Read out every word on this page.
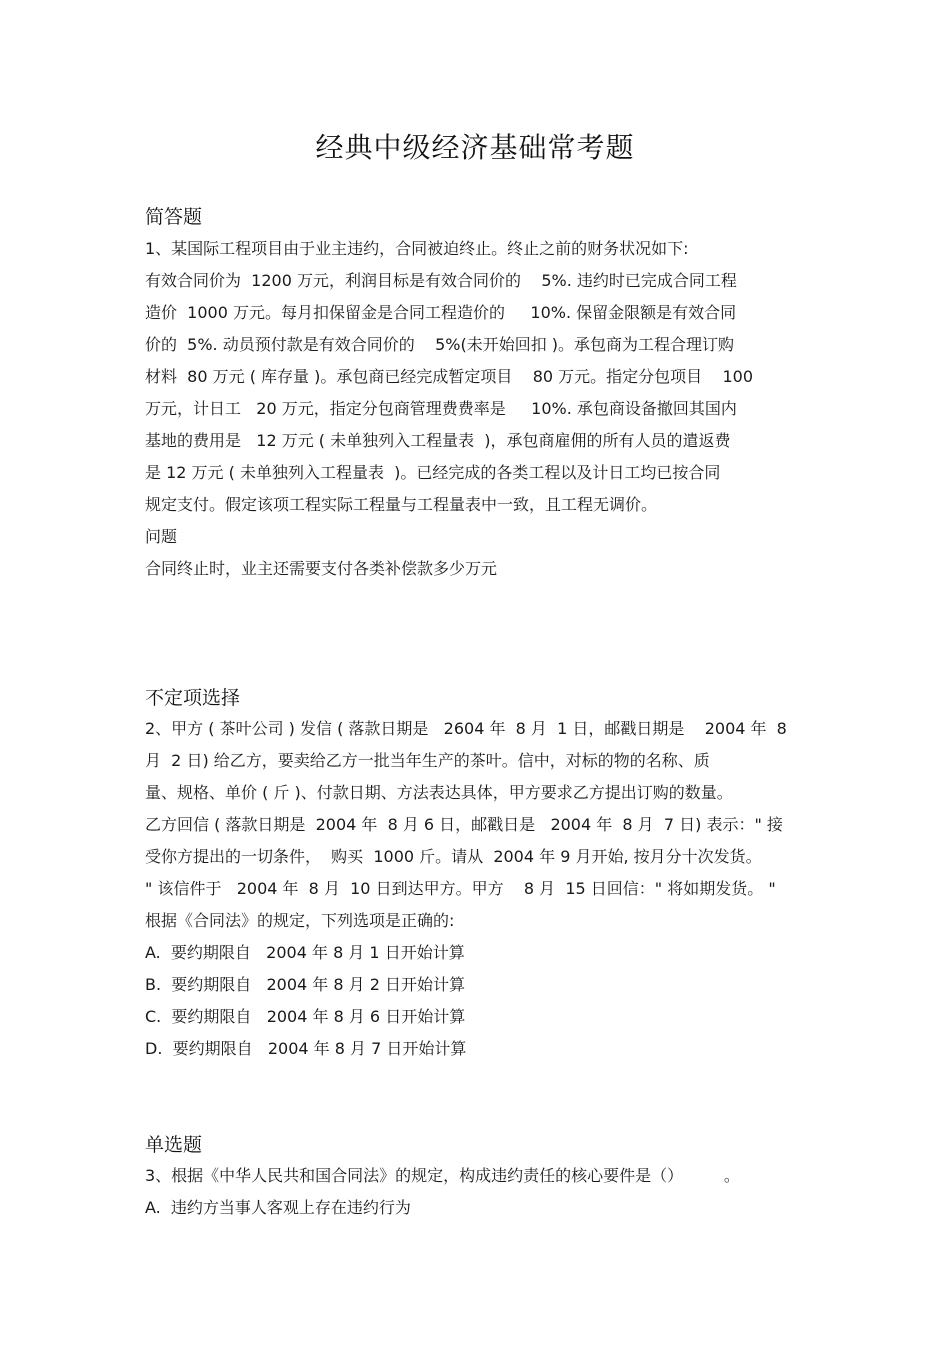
经典中级经济基础常考题
简答题
1、某国际工程项目由于业主违约，合同被迫终止。终止之前的财务状况如下:
有效合同价为  1200 万元，利润目标是有效合同价的    5%. 违约时已完成合同工程
造价  1000 万元。每月扣保留金是合同工程造价的     10%. 保留金限额是有效合同
价的  5%. 动员预付款是有效合同价的    5%(未开始回扣 )。承包商为工程合理订购
材料  80 万元 ( 库存量 )。承包商已经完成暂定项目    80 万元。指定分包项目    100
万元，计日工   20 万元，指定分包商管理费费率是     10%. 承包商设备撤回其国内
基地的费用是   12 万元 ( 未单独列入工程量表  )，承包商雇佣的所有人员的遣返费
是 12 万元 ( 未单独列入工程量表  )。已经完成的各类工程以及计日工均已按合同
规定支付。假定该项工程实际工程量与工程量表中一致，且工程无调价。
问题
合同终止时，业主还需要支付各类补偿款多少万元
不定项选择
2、甲方 ( 茶叶公司 ) 发信 ( 落款日期是   2604 年  8 月  1 日，邮戳日期是    2004 年  8
月  2 日) 给乙方，要卖给乙方一批当年生产的茶叶。信中，对标的物的名称、质
量、规格、单价 ( 斤 )、付款日期、方法表达具体，甲方要求乙方提出订购的数量。
乙方回信 ( 落款日期是  2004 年  8 月 6 日，邮戳日是   2004 年  8 月  7 日) 表示：" 接
受你方提出的一切条件，  购买  1000 斤。请从  2004 年 9 月开始, 按月分十次发货。
" 该信件于   2004 年  8 月  10 日到达甲方。甲方    8 月  15 日回信：" 将如期发货。 "
根据《合同法》的规定，下列选项是正确的:
A.  要约期限自   2004 年 8 月 1 日开始计算
B.  要约期限自   2004 年 8 月 2 日开始计算
C.  要约期限自   2004 年 8 月 6 日开始计算
D.  要约期限自   2004 年 8 月 7 日开始计算
单选题
3、根据《中华人民共和国合同法》的规定，构成违约责任的核心要件是（）        。
A.  违约方当事人客观上存在违约行为
